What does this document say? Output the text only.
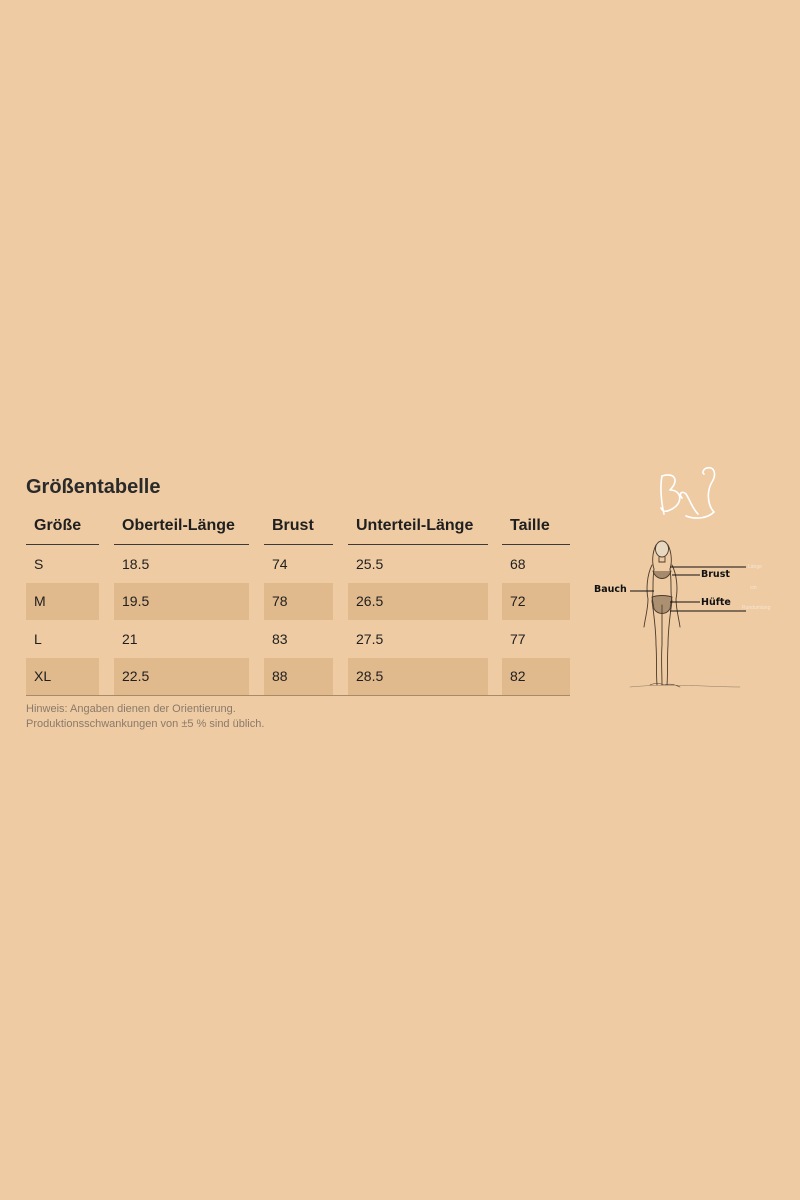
Größentabelle
Größe	Oberteil-Länge	Brust	Unterteil-Länge	Taille
S	18.5	74	25.5	68
M	19.5	78	26.5	72
L	21	83	27.5	77
XL	22.5	88	28.5	82
Hinweis: Angaben dienen der Orientierung.
Produktionsschwankungen von ±5 % sind üblich.
Brust
Bauch
Hüfte
Länge
cm
Rundumlang
